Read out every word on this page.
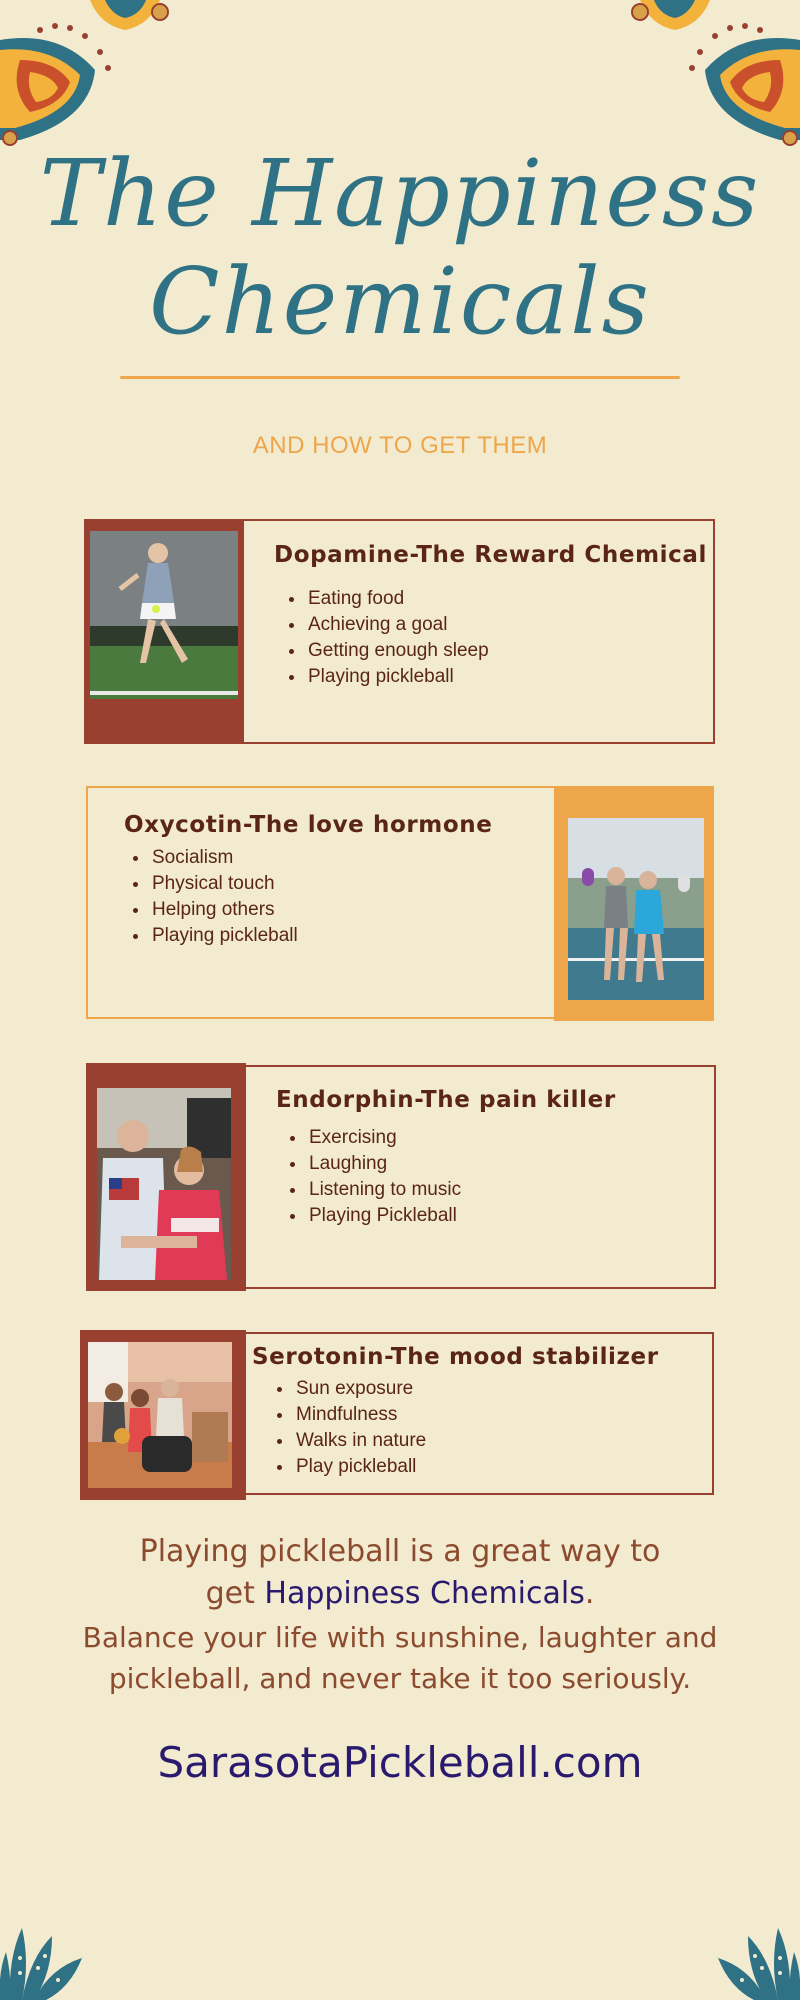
The Happiness
Chemicals
AND HOW TO GET THEM
Dopamine-The Reward Chemical
• Eating food
• Achieving a goal
• Getting enough sleep
• Playing pickleball
Oxycotin-The love hormone
• Socialism
• Physical touch
• Helping others
• Playing pickleball
Endorphin-The pain killer
• Exercising
• Laughing
• Listening to music
• Playing Pickleball
Serotonin-The mood stabilizer
• Sun exposure
• Mindfulness
• Walks in nature
• Play pickleball
Playing pickleball is a great way to
get Happiness Chemicals.
Balance your life with sunshine, laughter and
pickleball, and never take it too seriously.
SarasotaPickleball.com
